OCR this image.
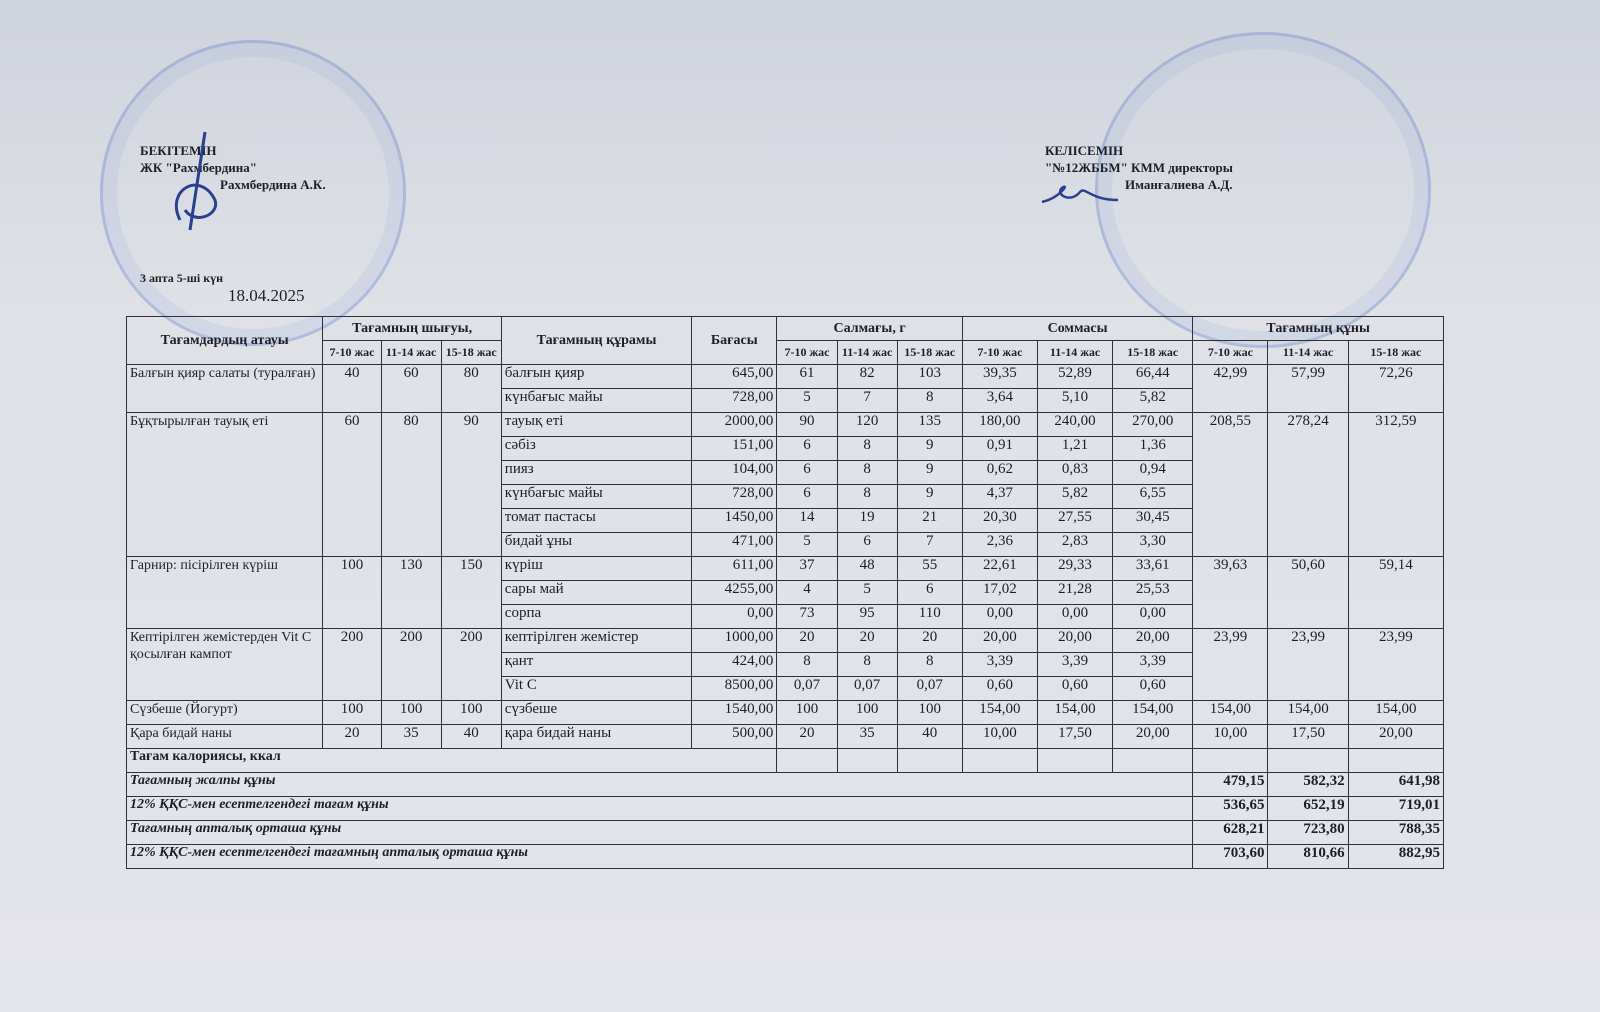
БЕКІТЕМІН
ЖК "Рахмбердина"
Рахмбердина А.К.
3 апта 5-ші күн
18.04.2025
КЕЛІСЕМІН
"№12ЖББМ" КММ директоры
Иманғалиева А.Д.
Тағамдардың атауы	Тағамның шығуы,			Тағамның құрамы	Бағасы	Салмағы, г			Соммасы			Тағамның құны		
	7-10 жас	11-14 жас	15-18 жас			7-10 жас	11-14 жас	15-18 жас	7-10 жас	11-14 жас	15-18 жас	7-10 жас	11-14 жас	15-18 жас
Балғын қияр салаты (туралған)	40	60	80	балғын қияр	645,00	61	82	103	39,35	52,89	66,44	42,99	57,99	72,26
				күнбағыс майы	728,00	5	7	8	3,64	5,10	5,82			
Бұқтырылған тауық еті	60	80	90	тауық еті	2000,00	90	120	135	180,00	240,00	270,00	208,55	278,24	312,59
				сәбіз	151,00	6	8	9	0,91	1,21	1,36			
				пияз	104,00	6	8	9	0,62	0,83	0,94			
				күнбағыс майы	728,00	6	8	9	4,37	5,82	6,55			
				томат пастасы	1450,00	14	19	21	20,30	27,55	30,45			
				бидай ұны	471,00	5	6	7	2,36	2,83	3,30			
Гарнир: пісірілген күріш	100	130	150	күріш	611,00	37	48	55	22,61	29,33	33,61	39,63	50,60	59,14
				сары май	4255,00	4	5	6	17,02	21,28	25,53			
				сорпа	0,00	73	95	110	0,00	0,00	0,00			
Кептірілген жемістерден Vit C қосылған кампот	200	200	200	кептірілген жемістер	1000,00	20	20	20	20,00	20,00	20,00	23,99	23,99	23,99
				қант	424,00	8	8	8	3,39	3,39	3,39			
				Vit C	8500,00	0,07	0,07	0,07	0,60	0,60	0,60			
Сүзбеше (Йогурт)	100	100	100	сүзбеше	1540,00	100	100	100	154,00	154,00	154,00	154,00	154,00	154,00
Қара бидай наны	20	35	40	қара бидай наны	500,00	20	35	40	10,00	17,50	20,00	10,00	17,50	20,00
Тағам калориясы, ккал														

Тағамның жалпы құны												479,15	582,32	641,98
12% ҚҚС-мен есептелгендегі тағам құны												536,65	652,19	719,01
Тағамның апталық орташа құны												628,21	723,80	788,35
12% ҚҚС-мен есептелгендегі тағамның апталық орташа құны												703,60	810,66	882,95
